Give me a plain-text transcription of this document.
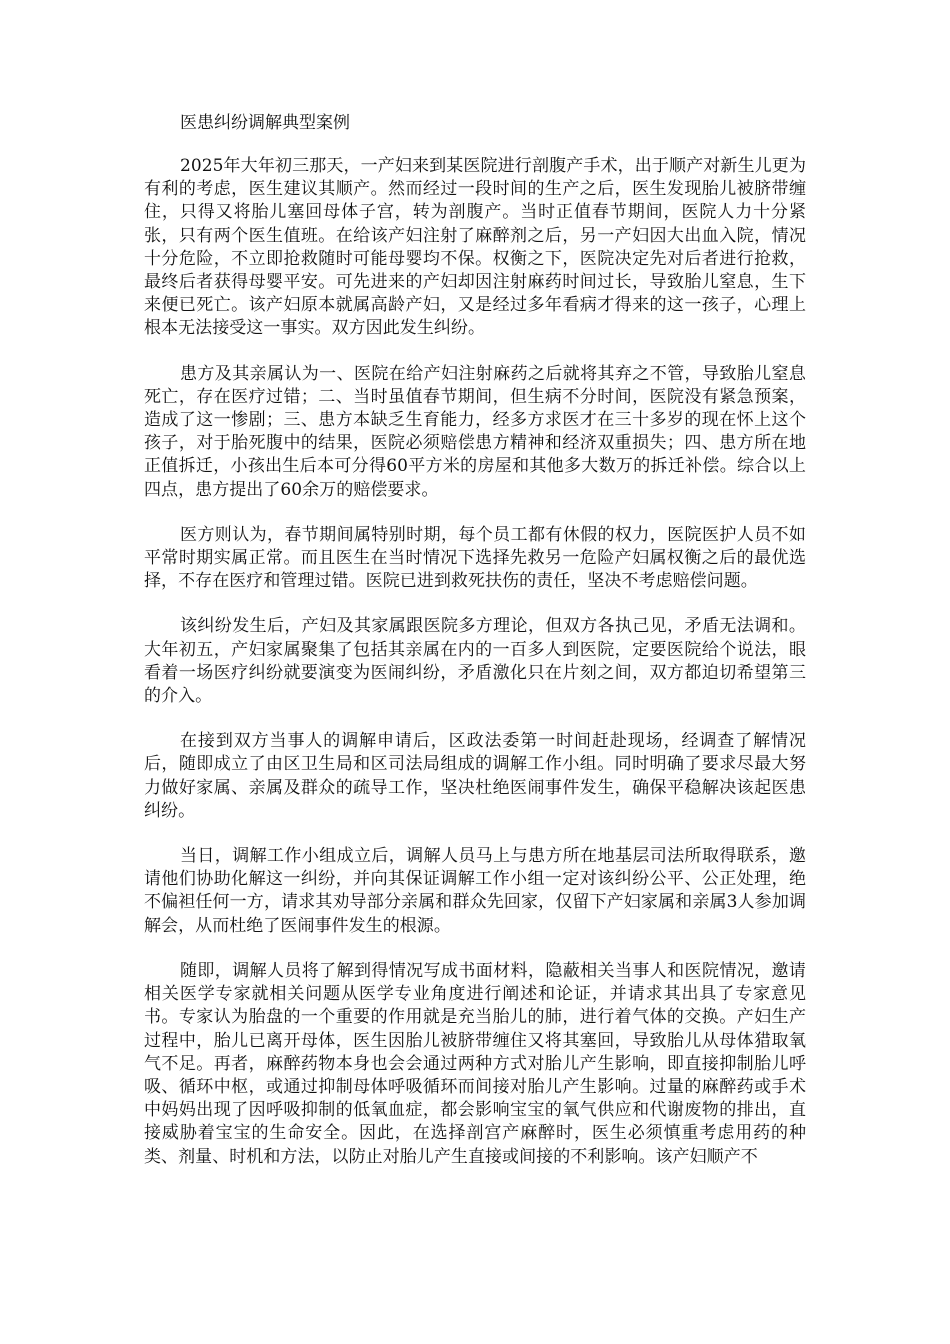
医患纠纷调解典型案例

2025年大年初三那天，一产妇来到某医院进行剖腹产手术，出于顺产对新生儿更为有利的考虑，医生建议其顺产。然而经过一段时间的生产之后，医生发现胎儿被脐带缠住，只得又将胎儿塞回母体子宫，转为剖腹产。当时正值春节期间，医院人力十分紧张，只有两个医生值班。在给该产妇注射了麻醉剂之后，另一产妇因大出血入院，情况十分危险，不立即抢救随时可能母婴均不保。权衡之下，医院决定先对后者进行抢救，最终后者获得母婴平安。可先进来的产妇却因注射麻药时间过长，导致胎儿窒息，生下来便已死亡。该产妇原本就属高龄产妇，又是经过多年看病才得来的这一孩子，心理上根本无法接受这一事实。双方因此发生纠纷。

患方及其亲属认为一、医院在给产妇注射麻药之后就将其弃之不管，导致胎儿窒息死亡，存在医疗过错；二、当时虽值春节期间，但生病不分时间，医院没有紧急预案，造成了这一惨剧；三、患方本缺乏生育能力，经多方求医才在三十多岁的现在怀上这个孩子，对于胎死腹中的结果，医院必须赔偿患方精神和经济双重损失；四、患方所在地正值拆迁，小孩出生后本可分得60平方米的房屋和其他多大数万的拆迁补偿。综合以上四点，患方提出了60余万的赔偿要求。

医方则认为，春节期间属特别时期，每个员工都有休假的权力，医院医护人员不如平常时期实属正常。而且医生在当时情况下选择先救另一危险产妇属权衡之后的最优选择，不存在医疗和管理过错。医院已进到救死扶伤的责任，坚决不考虑赔偿问题。

该纠纷发生后，产妇及其家属跟医院多方理论，但双方各执己见，矛盾无法调和。大年初五，产妇家属聚集了包括其亲属在内的一百多人到医院，定要医院给个说法，眼看着一场医疗纠纷就要演变为医闹纠纷，矛盾激化只在片刻之间，双方都迫切希望第三的介入。

在接到双方当事人的调解申请后，区政法委第一时间赶赴现场，经调查了解情况后，随即成立了由区卫生局和区司法局组成的调解工作小组。同时明确了要求尽最大努力做好家属、亲属及群众的疏导工作，坚决杜绝医闹事件发生，确保平稳解决该起医患纠纷。

当日，调解工作小组成立后，调解人员马上与患方所在地基层司法所取得联系，邀请他们协助化解这一纠纷，并向其保证调解工作小组一定对该纠纷公平、公正处理，绝不偏袒任何一方，请求其劝导部分亲属和群众先回家，仅留下产妇家属和亲属3人参加调解会，从而杜绝了医闹事件发生的根源。

随即，调解人员将了解到得情况写成书面材料，隐蔽相关当事人和医院情况，邀请相关医学专家就相关问题从医学专业角度进行阐述和论证，并请求其出具了专家意见书。专家认为胎盘的一个重要的作用就是充当胎儿的肺，进行着气体的交换。产妇生产过程中，胎儿已离开母体，医生因胎儿被脐带缠住又将其塞回，导致胎儿从母体猎取氧气不足。再者，麻醉药物本身也会会通过两种方式对胎儿产生影响，即直接抑制胎儿呼吸、循环中枢，或通过抑制母体呼吸循环而间接对胎儿产生影响。过量的麻醉药或手术中妈妈出现了因呼吸抑制的低氧血症，都会影响宝宝的氧气供应和代谢废物的排出，直接威胁着宝宝的生命安全。因此，在选择剖宫产麻醉时，医生必须慎重考虑用药的种类、剂量、时机和方法，以防止对胎儿产生直接或间接的不利影响。该产妇顺产不
